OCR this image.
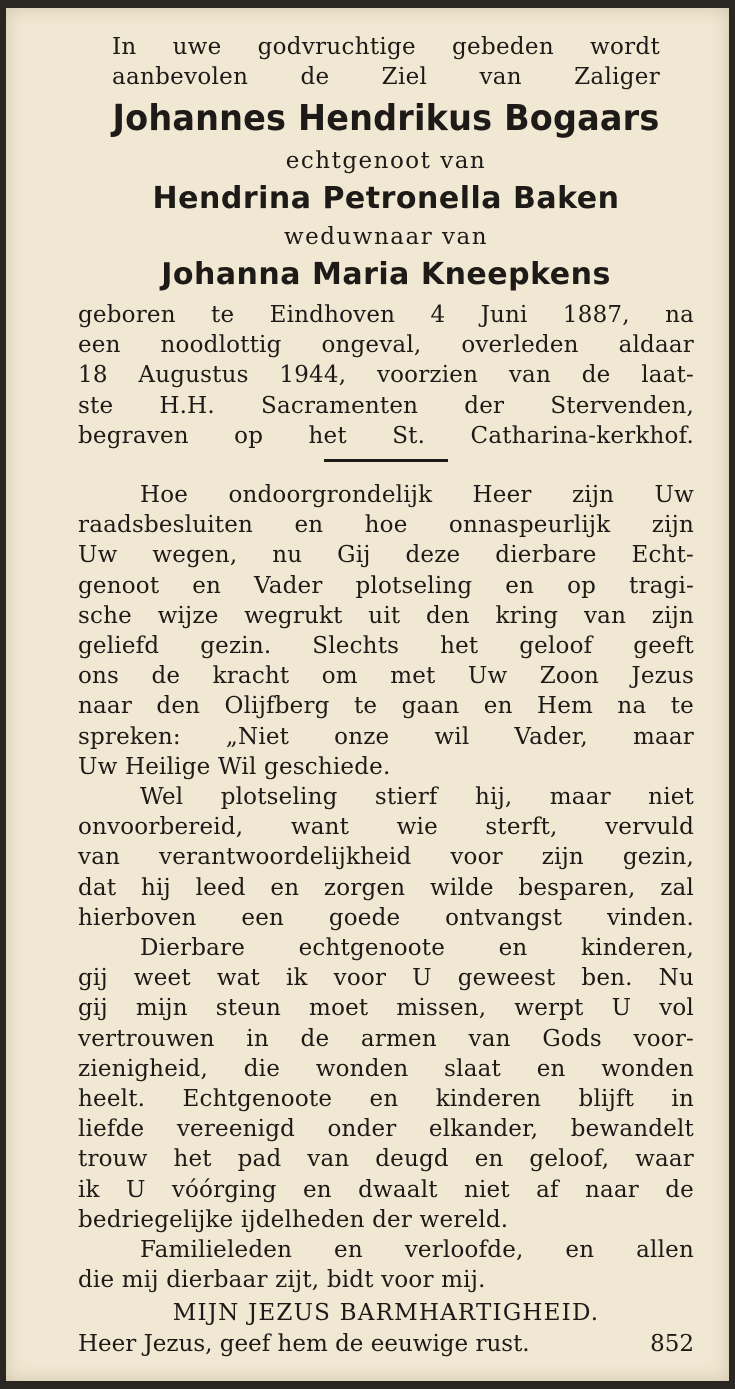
In uwe godvruchtige gebeden wordt
aanbevolen de Ziel van Zaliger
Johannes Hendrikus Bogaars
echtgenoot van
Hendrina Petronella Baken
weduwnaar van
Johanna Maria Kneepkens
geboren te Eindhoven 4 Juni 1887, na
een noodlottig ongeval, overleden aldaar
18 Augustus 1944, voorzien van de laat-
ste H.H. Sacramenten der Stervenden,
begraven op het St. Catharina-kerkhof.
Hoe ondoorgrondelijk Heer zijn Uw
raadsbesluiten en hoe onnaspeurlijk zijn
Uw wegen, nu Gij deze dierbare Echt-
genoot en Vader plotseling en op tragi-
sche wijze wegrukt uit den kring van zijn
geliefd gezin. Slechts het geloof geeft
ons de kracht om met Uw Zoon Jezus
naar den Olijfberg te gaan en Hem na te
spreken: „Niet onze wil Vader, maar
Uw Heilige Wil geschiede.
Wel plotseling stierf hij, maar niet
onvoorbereid, want wie sterft, vervuld
van verantwoordelijkheid voor zijn gezin,
dat hij leed en zorgen wilde besparen, zal
hierboven een goede ontvangst vinden.
Dierbare echtgenoote en kinderen,
gij weet wat ik voor U geweest ben. Nu
gij mijn steun moet missen, werpt U vol
vertrouwen in de armen van Gods voor-
zienigheid, die wonden slaat en wonden
heelt. Echtgenoote en kinderen blijft in
liefde vereenigd onder elkander, bewandelt
trouw het pad van deugd en geloof, waar
ik U vóórging en dwaalt niet af naar de
bedriegelijke ijdelheden der wereld.
Familieleden en verloofde, en allen
die mij dierbaar zijt, bidt voor mij.
MIJN JEZUS BARMHARTIGHEID.
Heer Jezus, geef hem de eeuwige rust.	852
